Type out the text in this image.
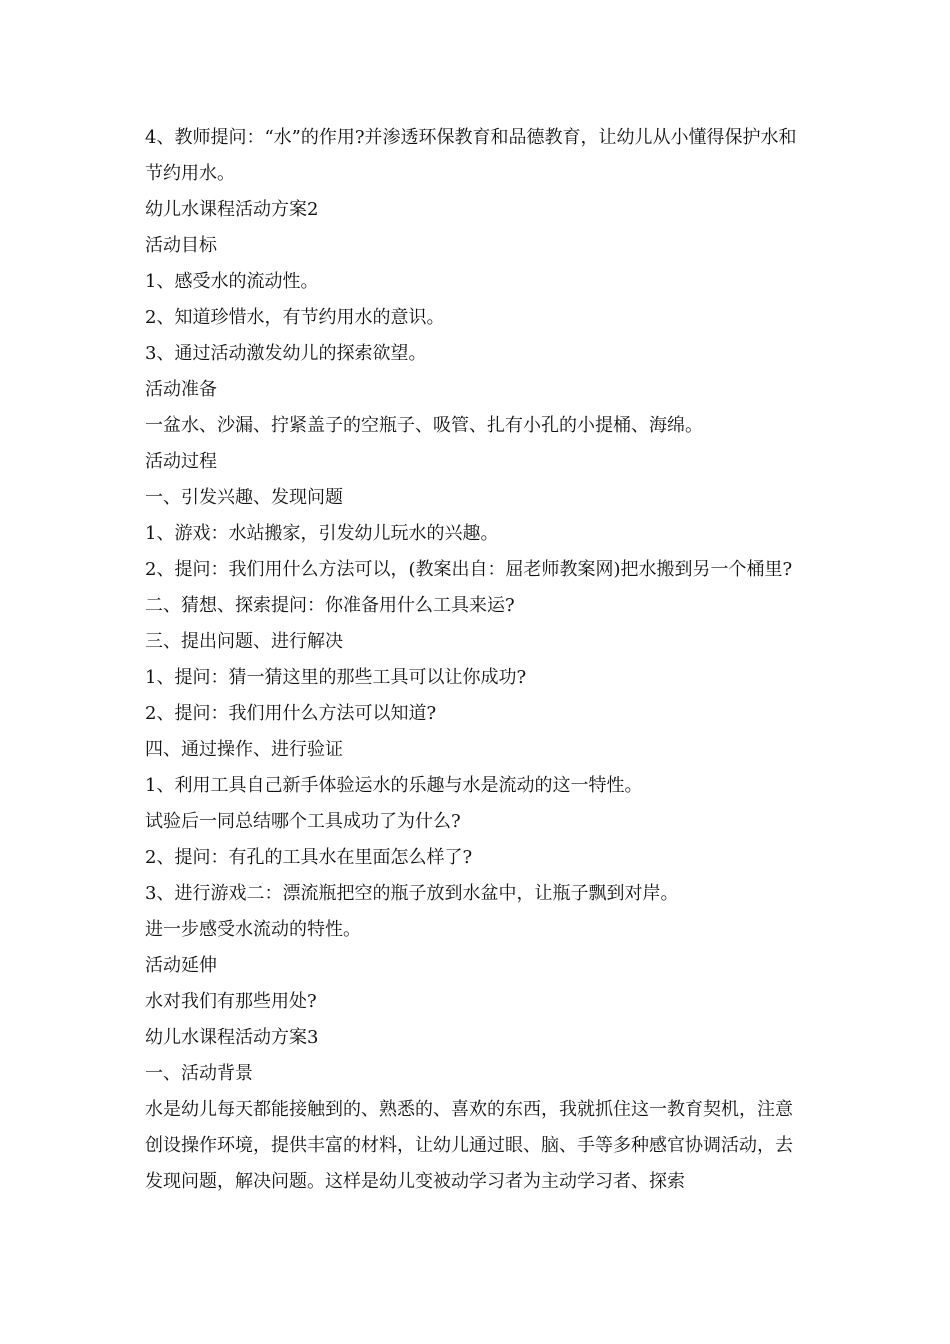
4、教师提问：“水”的作用?并渗透环保教育和品德教育，让幼儿从小懂得保护水和节约用水。

幼儿水课程活动方案2

活动目标

1、感受水的流动性。

2、知道珍惜水，有节约用水的意识。

3、通过活动激发幼儿的探索欲望。

活动准备

一盆水、沙漏、拧紧盖子的空瓶子、吸管、扎有小孔的小提桶、海绵。

活动过程

一、引发兴趣、发现问题

1、游戏：水站搬家，引发幼儿玩水的兴趣。

2、提问：我们用什么方法可以，(教案出自：屈老师教案网)把水搬到另一个桶里?

二、猜想、探索提问：你准备用什么工具来运?

三、提出问题、进行解决

1、提问：猜一猜这里的那些工具可以让你成功?

2、提问：我们用什么方法可以知道?

四、通过操作、进行验证

1、利用工具自己新手体验运水的乐趣与水是流动的这一特性。

试验后一同总结哪个工具成功了为什么?

2、提问：有孔的工具水在里面怎么样了?

3、进行游戏二：漂流瓶把空的瓶子放到水盆中，让瓶子飘到对岸。

进一步感受水流动的特性。

活动延伸

水对我们有那些用处?

幼儿水课程活动方案3

一、活动背景

水是幼儿每天都能接触到的、熟悉的、喜欢的东西，我就抓住这一教育契机，注意创设操作环境，提供丰富的材料，让幼儿通过眼、脑、手等多种感官协调活动，去发现问题，解决问题。这样是幼儿变被动学习者为主动学习者、探索
